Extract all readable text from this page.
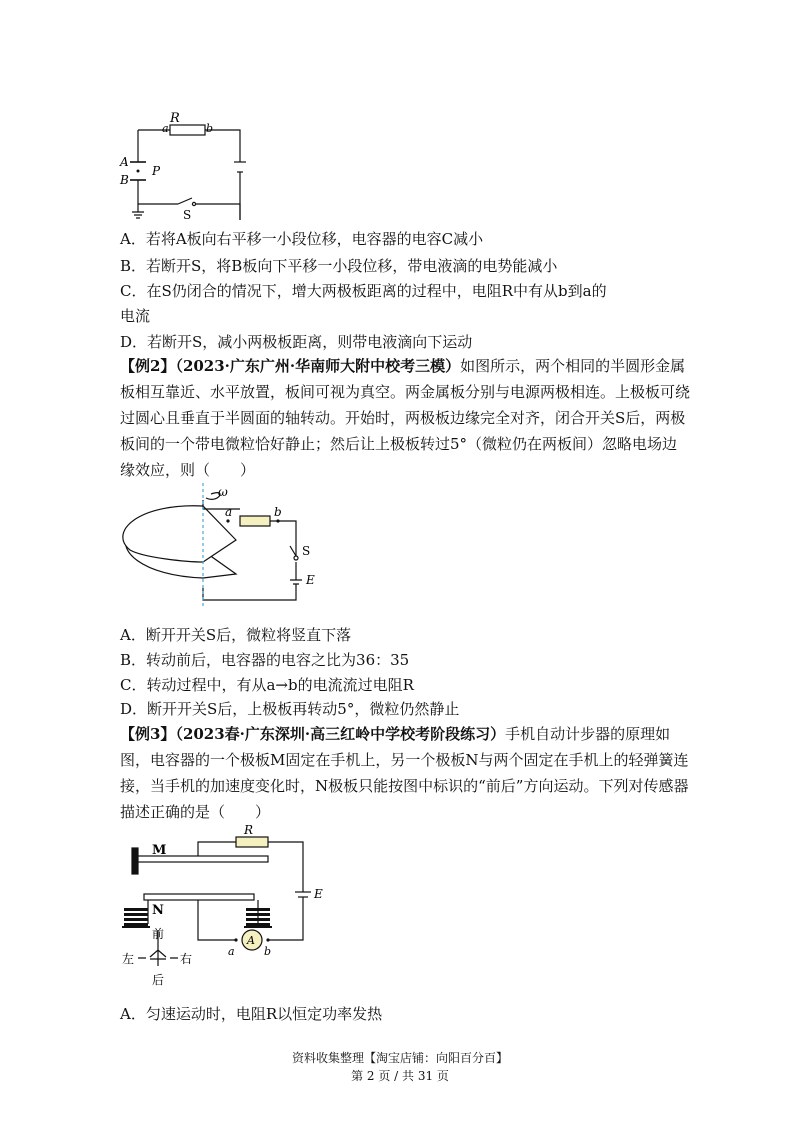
R
a	b
A
B
P
S
A．若将A板向右平移一小段位移，电容器的电容C减小
B．若断开S，将B板向下平移一小段位移，带电液滴的电势能减小
C．在S仍闭合的情况下，增大两极板距离的过程中，电阻R中有从b到a的
电流
D．若断开S，减小两极板距离，则带电液滴向下运动
【例2】（2023·广东广州·华南师大附中校考三模）如图所示，两个相同的半圆形金属板相互靠近、水平放置，板间可视为真空。两金属板分别与电源两极相连。上极板可绕过圆心且垂直于半圆面的轴转动。开始时，两极板边缘完全对齐，闭合开关S后，两极板间的一个带电微粒恰好静止；然后让上极板转过5°（微粒仍在两板间）忽略电场边缘效应，则（　　）
ω
a	b
S
E
A．断开开关S后，微粒将竖直下落
B．转动前后，电容器的电容之比为36：35
C．转动过程中，有从a→b的电流流过电阻R
D．断开开关S后，上极板再转动5°，微粒仍然静止
【例3】（2023春·广东深圳·高三红岭中学校考阶段练习）手机自动计步器的原理如图，电容器的一个极板M固定在手机上，另一个极板N与两个固定在手机上的轻弹簧连接，当手机的加速度变化时，N极板只能按图中标识的“前后”方向运动。下列对传感器描述正确的是（　　）
R
M
N
E
A
a	b
前
后
左	右
A．匀速运动时，电阻R以恒定功率发热
资料收集整理【淘宝店铺：向阳百分百】
第 2 页 / 共 31 页
